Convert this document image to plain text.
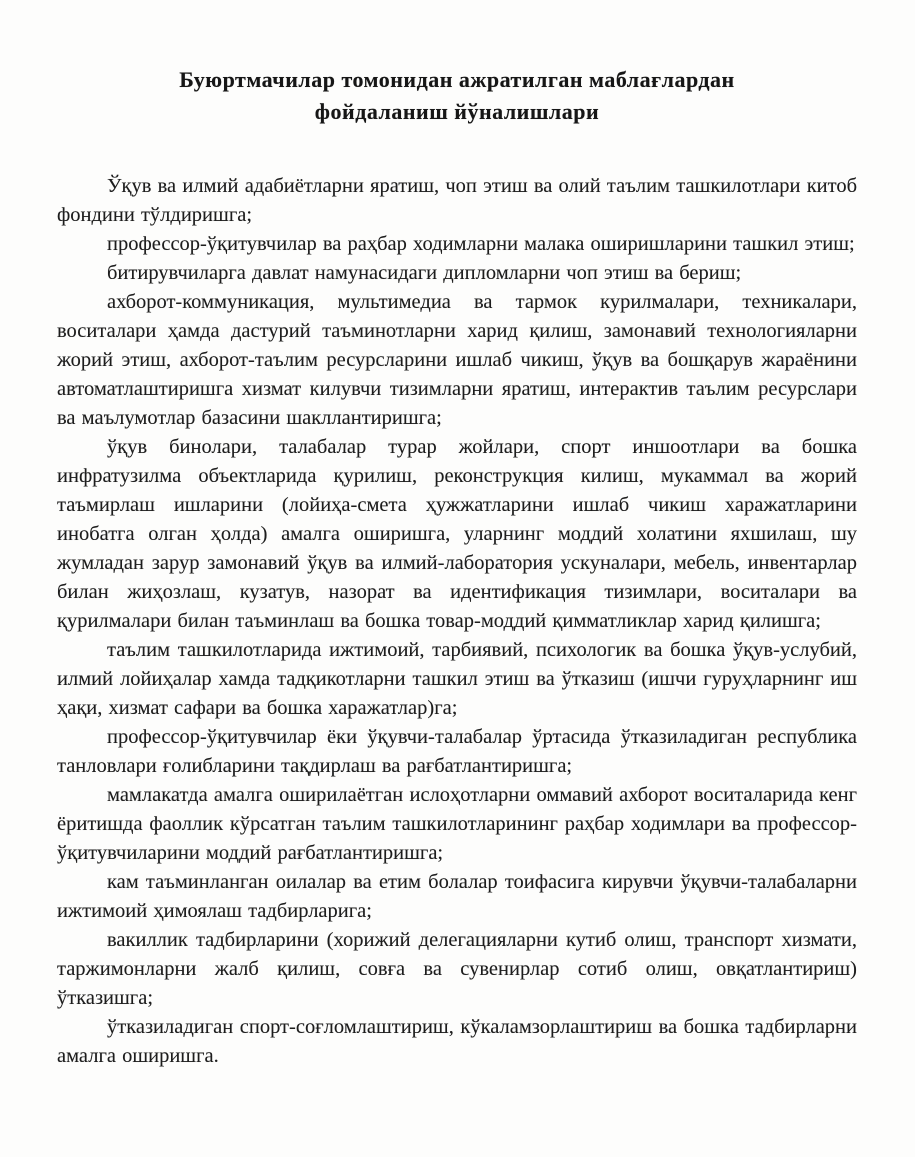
Буюртмачилар томонидан ажратилган маблағлардан
фойдаланиш йўналишлари

Ўқув ва илмий адабиётларни яратиш, чоп этиш ва олий таълим ташкилотлари китоб фондини тўлдиришга;

профессор-ўқитувчилар ва раҳбар ходимларни малака оширишларини ташкил этиш;

битирувчиларга давлат намунасидаги дипломларни чоп этиш ва бериш;

ахборот-коммуникация, мультимедиа ва тармок курилмалари, техникалари, воситалари ҳамда дастурий таъминотларни харид қилиш, замонавий технологияларни жорий этиш, ахборот-таълим ресурсларини ишлаб чикиш, ўқув ва бошқарув жараёнини автоматлаштиришга хизмат килувчи тизимларни яратиш, интерактив таълим ресурслари ва маълумотлар базасини шакллантиришга;

ўқув бинолари, талабалар турар жойлари, спорт иншоотлари ва бошка инфратузилма объектларида қурилиш, реконструкция килиш, мукаммал ва жорий таъмирлаш ишларини (лойиҳа-смета ҳужжатларини ишлаб чикиш харажатларини инобатга олган ҳолда) амалга оширишга, уларнинг моддий холатини яхшилаш, шу жумладан зарур замонавий ўқув ва илмий-лаборатория ускуналари, мебель, инвентарлар билан жиҳозлаш, кузатув, назорат ва идентификация тизимлари, воситалари ва қурилмалари билан таъминлаш ва бошка товар-моддий қимматликлар харид қилишга;

таълим ташкилотларида ижтимоий, тарбиявий, психологик ва бошка ўқув-услубий, илмий лойиҳалар хамда тадқикотларни ташкил этиш ва ўтказиш (ишчи гуруҳларнинг иш ҳақи, хизмат сафари ва бошка харажатлар)га;

профессор-ўқитувчилар ёки ўқувчи-талабалар ўртасида ўтказиладиган республика танловлари ғолибларини тақдирлаш ва рағбатлантиришга;

мамлакатда амалга оширилаётган ислоҳотларни оммавий ахборот воситаларида кенг ёритишда фаоллик кўрсатган таълим ташкилотларининг раҳбар ходимлари ва профессор-ўқитувчиларини моддий рағбатлантиришга;

кам таъминланган оилалар ва етим болалар тоифасига кирувчи ўқувчи-талабаларни ижтимоий ҳимоялаш тадбирларига;

вакиллик тадбирларини (хорижий делегацияларни кутиб олиш, транспорт хизмати, таржимонларни жалб қилиш, совға ва сувенирлар сотиб олиш, овқатлантириш) ўтказишга;

ўтказиладиган спорт-соғломлаштириш, кўкаламзорлаштириш ва бошка тадбирларни амалга оширишга.
